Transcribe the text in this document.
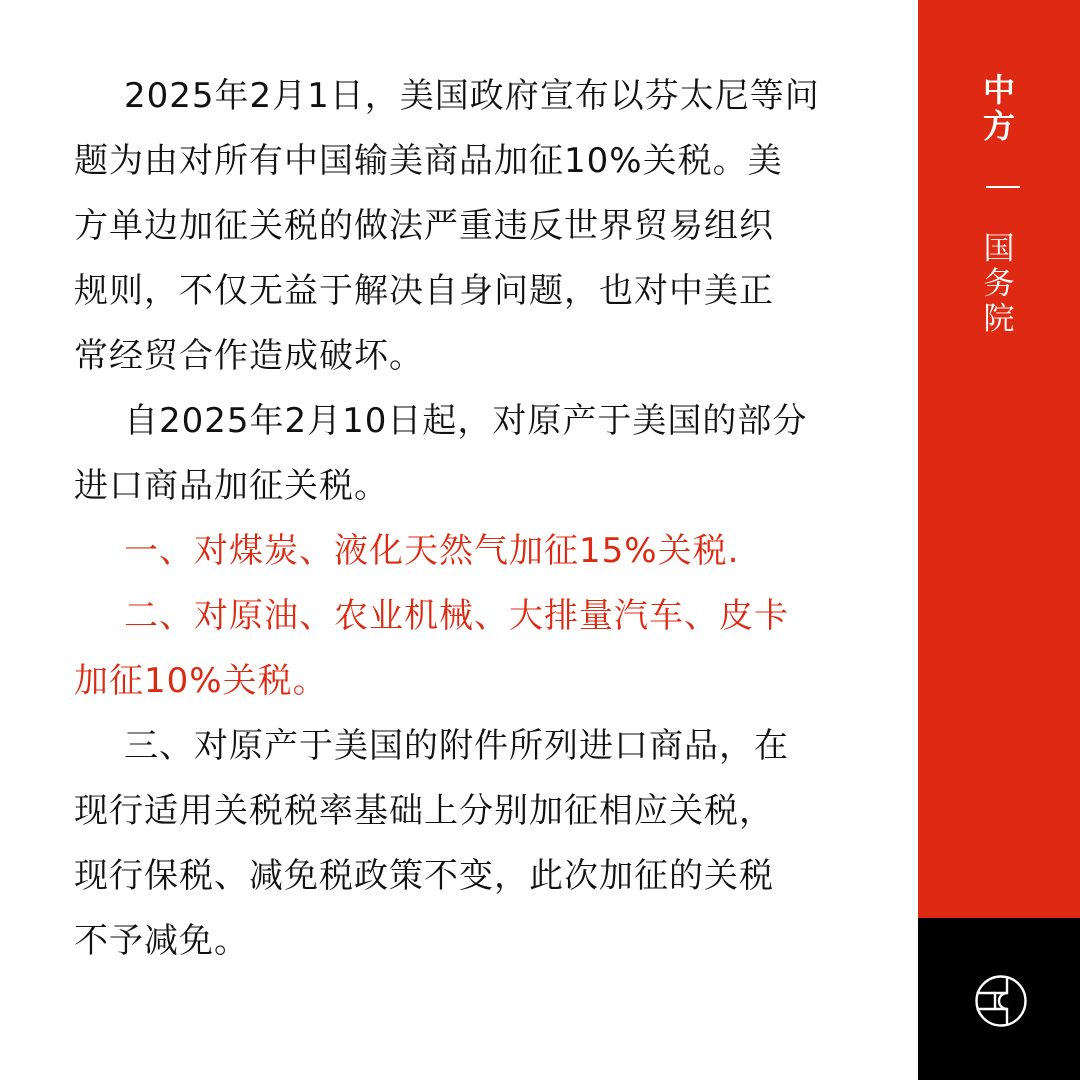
2025年2月1日，美国政府宣布以芬太尼等问
题为由对所有中国输美商品加征10%关税。美
方单边加征关税的做法严重违反世界贸易组织
规则，不仅无益于解决自身问题，也对中美正
常经贸合作造成破坏。
自2025年2月10日起，对原产于美国的部分
进口商品加征关税。
一、对煤炭、液化天然气加征15%关税.
二、对原油、农业机械、大排量汽车、皮卡
加征10%关税。
三、对原产于美国的附件所列进口商品，在
现行适用关税税率基础上分别加征相应关税，
现行保税、减免税政策不变，此次加征的关税
不予减免。
中方
国务院
